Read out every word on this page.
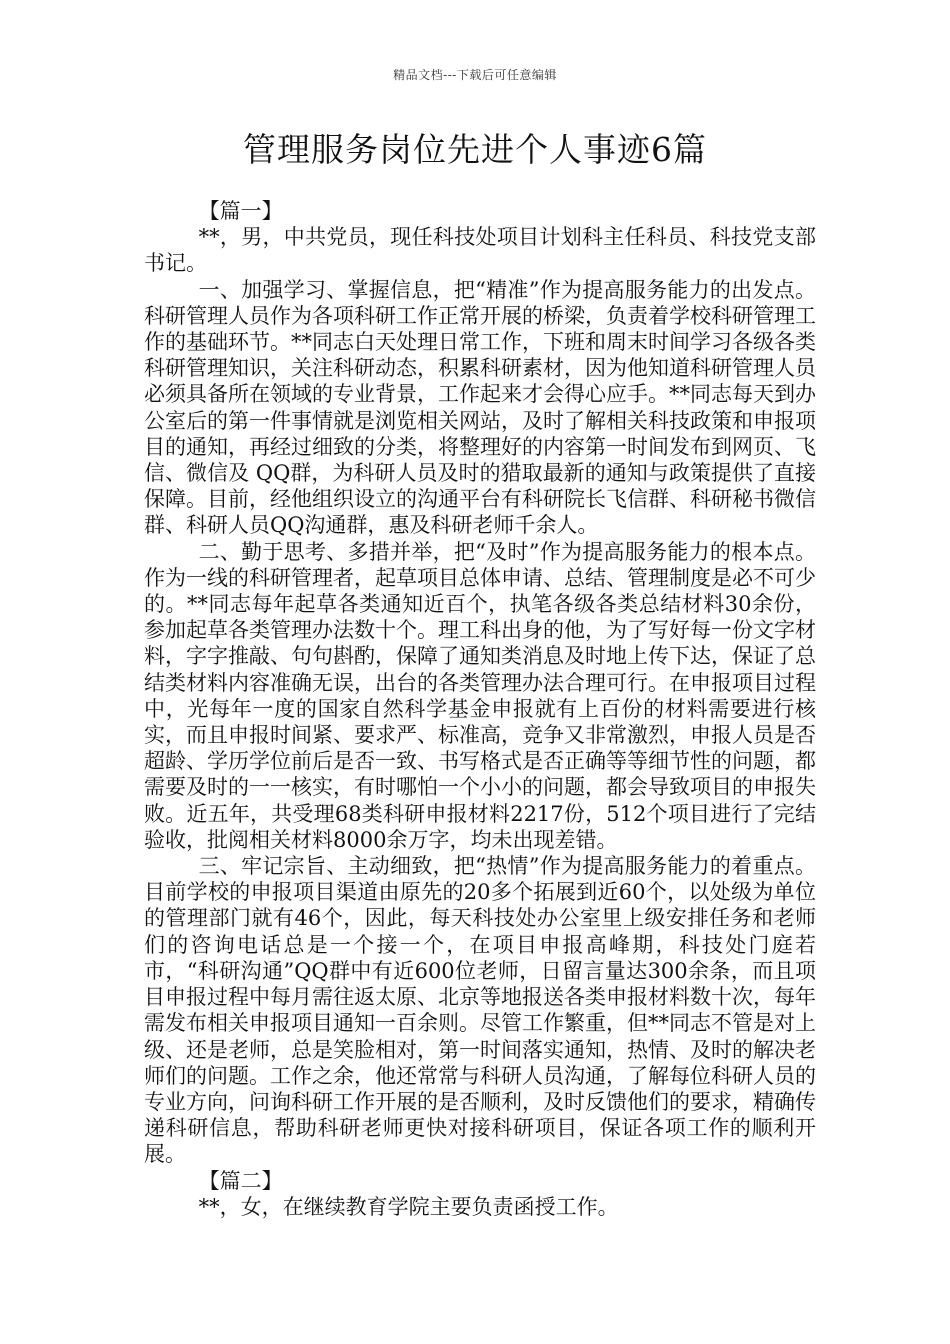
精品文档---下载后可任意编辑
管理服务岗位先进个人事迹6篇

【篇一】

**，男，中共党员，现任科技处项目计划科主任科员、科技党支部书记。

一、加强学习、掌握信息，把“精准”作为提高服务能力的出发点。科研管理人员作为各项科研工作正常开展的桥梁，负责着学校科研管理工作的基础环节。**同志白天处理日常工作，下班和周末时间学习各级各类科研管理知识，关注科研动态，积累科研素材，因为他知道科研管理人员必须具备所在领域的专业背景，工作起来才会得心应手。**同志每天到办公室后的第一件事情就是浏览相关网站，及时了解相关科技政策和申报项目的通知，再经过细致的分类，将整理好的内容第一时间发布到网页、飞信、微信及 QQ群，为科研人员及时的猎取最新的通知与政策提供了直接保障。目前，经他组织设立的沟通平台有科研院长飞信群、科研秘书微信群、科研人员QQ沟通群，惠及科研老师千余人。

二、勤于思考、多措并举，把“及时”作为提高服务能力的根本点。作为一线的科研管理者，起草项目总体申请、总结、管理制度是必不可少的。**同志每年起草各类通知近百个，执笔各级各类总结材料30余份，参加起草各类管理办法数十个。理工科出身的他，为了写好每一份文字材料，字字推敲、句句斟酌，保障了通知类消息及时地上传下达，保证了总结类材料内容准确无误，出台的各类管理办法合理可行。在申报项目过程中，光每年一度的国家自然科学基金申报就有上百份的材料需要进行核实，而且申报时间紧、要求严、标准高，竞争又非常激烈，申报人员是否超龄、学历学位前后是否一致、书写格式是否正确等等细节性的问题，都需要及时的一一核实，有时哪怕一个小小的问题，都会导致项目的申报失败。近五年，共受理68类科研申报材料2217份，512个项目进行了完结验收，批阅相关材料8000余万字，均未出现差错。

三、牢记宗旨、主动细致，把“热情”作为提高服务能力的着重点。目前学校的申报项目渠道由原先的20多个拓展到近60个，以处级为单位的管理部门就有46个，因此，每天科技处办公室里上级安排任务和老师们的咨询电话总是一个接一个，在项目申报高峰期，科技处门庭若市，“科研沟通”QQ群中有近600位老师，日留言量达300余条，而且项目申报过程中每月需往返太原、北京等地报送各类申报材料数十次，每年需发布相关申报项目通知一百余则。尽管工作繁重，但**同志不管是对上级、还是老师，总是笑脸相对，第一时间落实通知，热情、及时的解决老师们的问题。工作之余，他还常常与科研人员沟通，了解每位科研人员的专业方向，问询科研工作开展的是否顺利，及时反馈他们的要求，精确传递科研信息，帮助科研老师更快对接科研项目，保证各项工作的顺利开展。

【篇二】

**，女，在继续教育学院主要负责函授工作。
